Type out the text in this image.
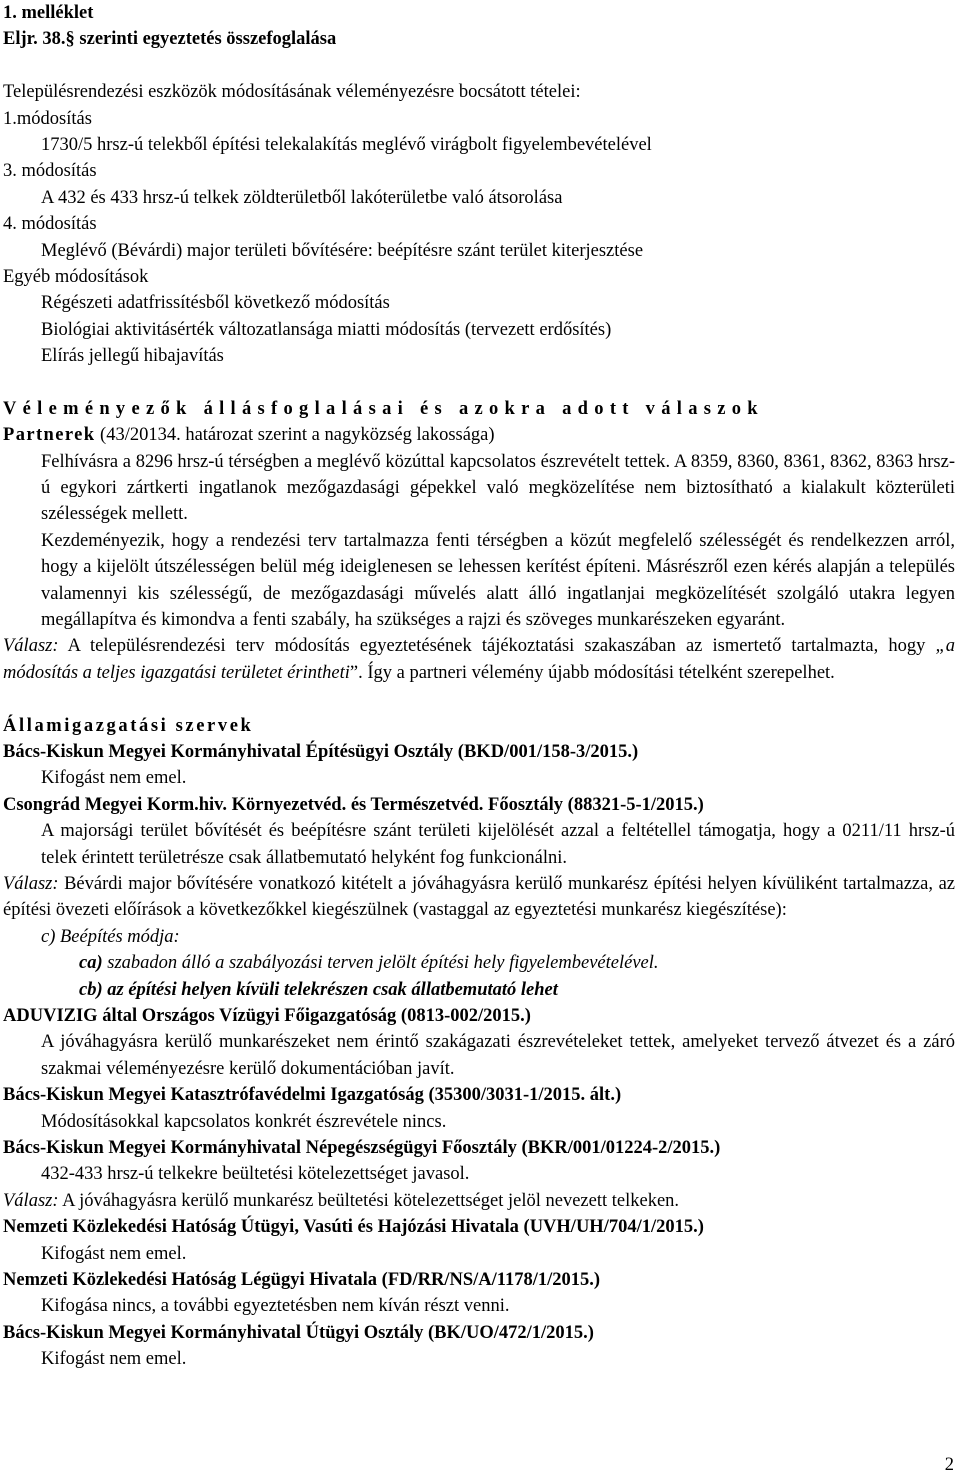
1. melléklet
Eljr. 38.§ szerinti egyeztetés összefoglalása
Településrendezési eszközök módosításának véleményezésre bocsátott tételei:
1.módosítás
1730/5 hrsz-ú telekből építési telekalakítás meglévő virágbolt figyelembevételével
3. módosítás
A 432 és 433 hrsz-ú telkek zöldterületből lakóterületbe való átsorolása
4. módosítás
Meglévő (Bévárdi) major területi bővítésére: beépítésre szánt terület kiterjesztése
Egyéb módosítások
Régészeti adatfrissítésből következő módosítás
Biológiai aktivitásérték változatlansága miatti módosítás (tervezett erdősítés)
Elírás jellegű hibajavítás
Véleményezők állásfoglalásai és azokra adott válaszok
Partnerek (43/20134. határozat szerint a nagyközség lakossága)
Felhívásra a 8296 hrsz-ú térségben a meglévő közúttal kapcsolatos észrevételt tettek. A 8359, 8360, 8361, 8362, 8363 hrsz-ú egykori zártkerti ingatlanok mezőgazdasági gépekkel való megközelítése nem biztosítható a kialakult közterületi szélességek mellett.
Kezdeményezik, hogy a rendezési terv tartalmazza fenti térségben a közút megfelelő szélességét és rendelkezzen arról, hogy a kijelölt útszélességen belül még ideiglenesen se lehessen kerítést építeni. Másrészről ezen kérés alapján a település valamennyi kis szélességű, de mezőgazdasági művelés alatt álló ingatlanjai megközelítését szolgáló utakra legyen megállapítva és kimondva a fenti szabály, ha szükséges a rajzi és szöveges munkarészeken egyaránt.
Válasz: A településrendezési terv módosítás egyeztetésének tájékoztatási szakaszában az ismertető tartalmazta, hogy „a módosítás a teljes igazgatási területet érintheti”. Így a partneri vélemény újabb módosítási tételként szerepelhet.
Államigazgatási szervek
Bács-Kiskun Megyei Kormányhivatal Építésügyi Osztály (BKD/001/158-3/2015.)
Kifogást nem emel.
Csongrád Megyei Korm.hiv. Környezetvéd. és Természetvéd. Főosztály (88321-5-1/2015.)
A majorsági terület bővítését és beépítésre szánt területi kijelölését azzal a feltétellel támogatja, hogy a 0211/11 hrsz-ú telek érintett területrésze csak állatbemutató helyként fog funkcionálni.
Válasz: Bévárdi major bővítésére vonatkozó kitételt a jóváhagyásra kerülő munkarész építési helyen kívüliként tartalmazza, az építési övezeti előírások a következőkkel kiegészülnek (vastaggal az egyeztetési munkarész kiegészítése):
c) Beépítés módja:
ca) szabadon álló a szabályozási terven jelölt építési hely figyelembevételével.
cb) az építési helyen kívüli telekrészen csak állatbemutató lehet
ADUVIZIG által Országos Vízügyi Főigazgatóság (0813-002/2015.)
A jóváhagyásra kerülő munkarészeket nem érintő szakágazati észrevételeket tettek, amelyeket tervező átvezet és a záró szakmai véleményezésre kerülő dokumentációban javít.
Bács-Kiskun Megyei Katasztrófavédelmi Igazgatóság (35300/3031-1/2015. ált.)
Módosításokkal kapcsolatos konkrét észrevétele nincs.
Bács-Kiskun Megyei Kormányhivatal Népegészségügyi Főosztály (BKR/001/01224-2/2015.)
432-433 hrsz-ú telkekre beültetési kötelezettséget javasol.
Válasz: A jóváhagyásra kerülő munkarész beültetési kötelezettséget jelöl nevezett telkeken.
Nemzeti Közlekedési Hatóság Útügyi, Vasúti és Hajózási Hivatala (UVH/UH/704/1/2015.)
Kifogást nem emel.
Nemzeti Közlekedési Hatóság Légügyi Hivatala (FD/RR/NS/A/1178/1/2015.)
Kifogása nincs, a további egyeztetésben nem kíván részt venni.
Bács-Kiskun Megyei Kormányhivatal Útügyi Osztály (BK/UO/472/1/2015.)
Kifogást nem emel.
2
